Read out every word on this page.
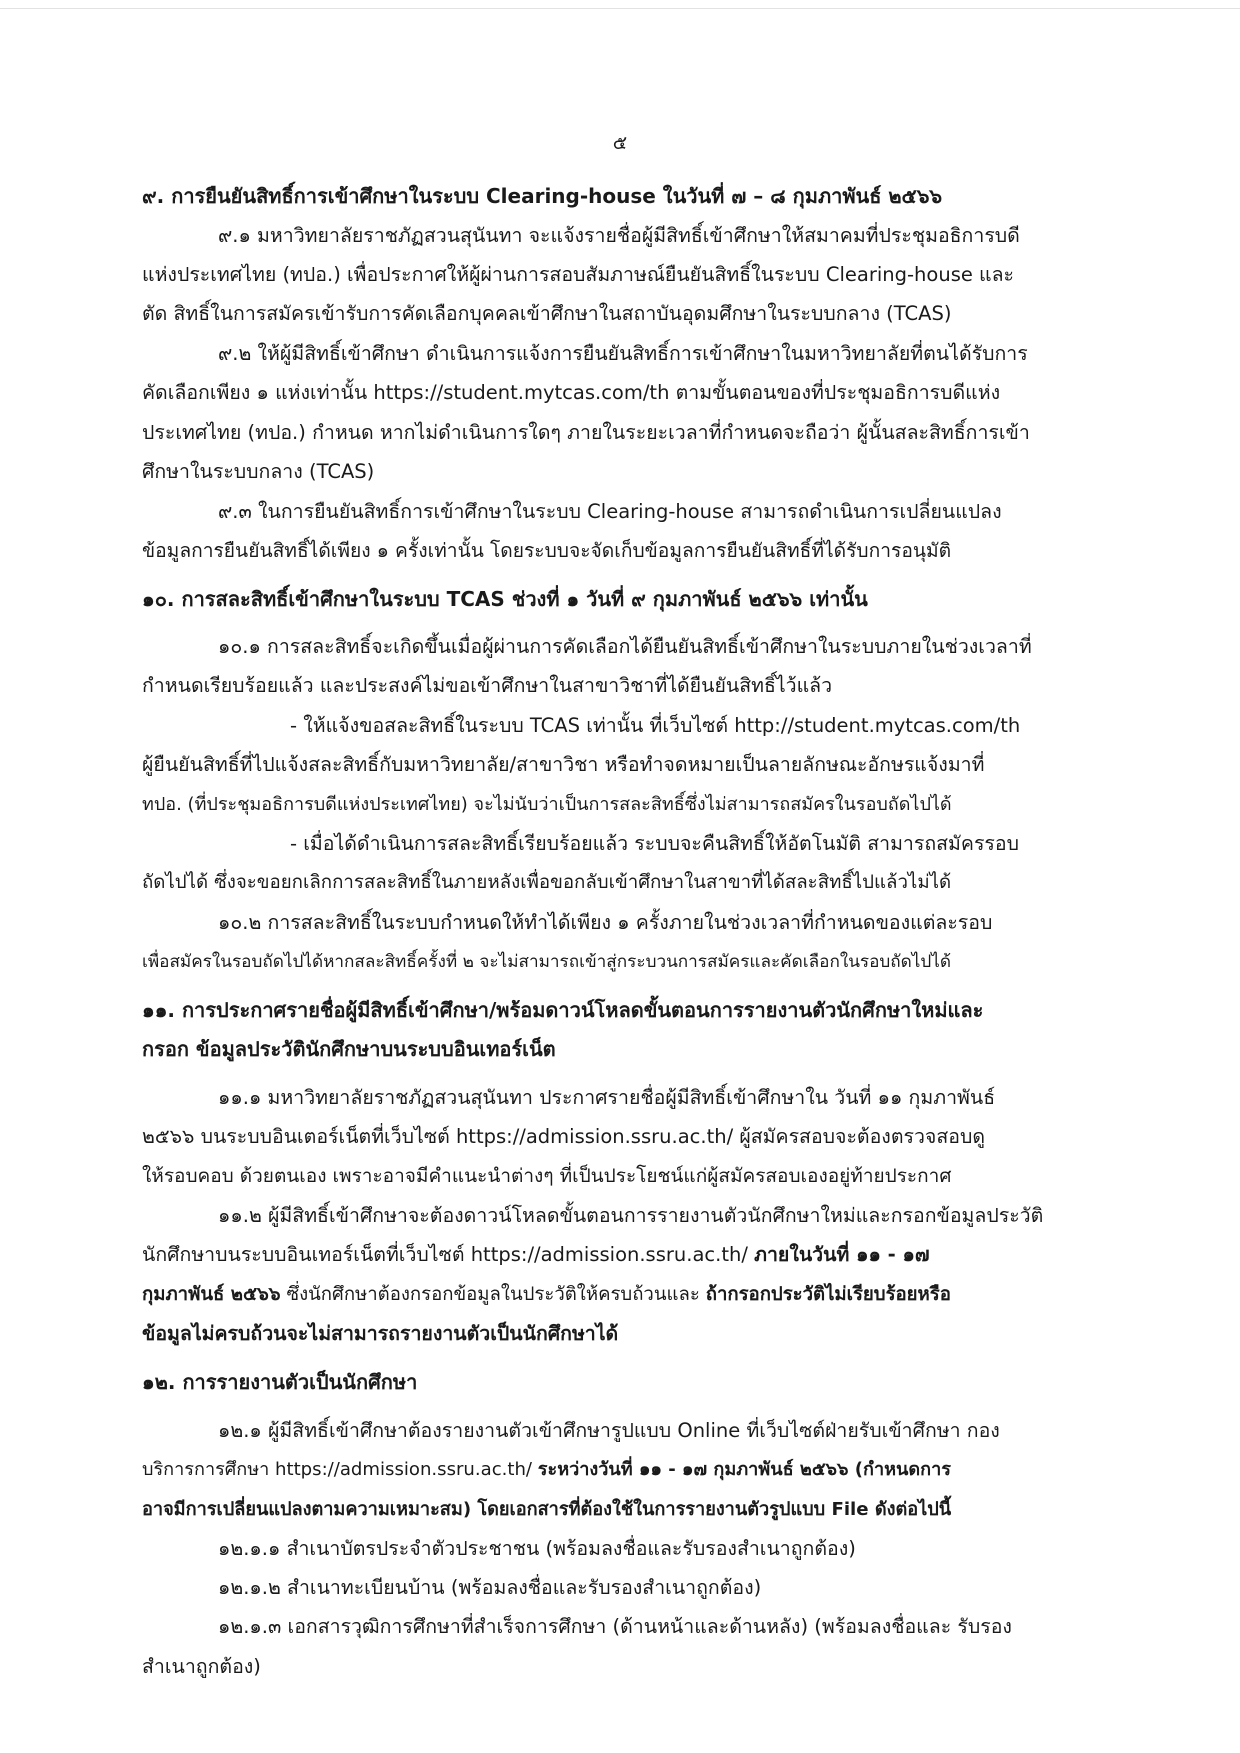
๕
๙. การยืนยันสิทธิ์การเข้าศึกษาในระบบ Clearing-house ในวันที่ ๗ – ๘ กุมภาพันธ์ ๒๕๖๖
๙.๑ มหาวิทยาลัยราชภัฏสวนสุนันทา จะแจ้งรายชื่อผู้มีสิทธิ์เข้าศึกษาให้สมาคมที่ประชุมอธิการบดี
แห่งประเทศไทย (ทปอ.) เพื่อประกาศให้ผู้ผ่านการสอบสัมภาษณ์ยืนยันสิทธิ์ในระบบ Clearing-house และ
ตัด สิทธิ์ในการสมัครเข้ารับการคัดเลือกบุคคลเข้าศึกษาในสถาบันอุดมศึกษาในระบบกลาง (TCAS)
๙.๒ ให้ผู้มีสิทธิ์เข้าศึกษา ดำเนินการแจ้งการยืนยันสิทธิ์การเข้าศึกษาในมหาวิทยาลัยที่ตนได้รับการ
คัดเลือกเพียง ๑ แห่งเท่านั้น https://student.mytcas.com/th ตามขั้นตอนของที่ประชุมอธิการบดีแห่ง
ประเทศไทย (ทปอ.) กำหนด หากไม่ดำเนินการใดๆ ภายในระยะเวลาที่กำหนดจะถือว่า ผู้นั้นสละสิทธิ์การเข้า
ศึกษาในระบบกลาง (TCAS)
๙.๓ ในการยืนยันสิทธิ์การเข้าศึกษาในระบบ Clearing-house สามารถดำเนินการเปลี่ยนแปลง
ข้อมูลการยืนยันสิทธิ์ได้เพียง ๑ ครั้งเท่านั้น โดยระบบจะจัดเก็บข้อมูลการยืนยันสิทธิ์ที่ได้รับการอนุมัติ
๑๐. การสละสิทธิ์เข้าศึกษาในระบบ TCAS ช่วงที่ ๑ วันที่ ๙ กุมภาพันธ์ ๒๕๖๖ เท่านั้น
๑๐.๑ การสละสิทธิ์จะเกิดขึ้นเมื่อผู้ผ่านการคัดเลือกได้ยืนยันสิทธิ์เข้าศึกษาในระบบภายในช่วงเวลาที่
กำหนดเรียบร้อยแล้ว และประสงค์ไม่ขอเข้าศึกษาในสาขาวิชาที่ได้ยืนยันสิทธิ์ไว้แล้ว
- ให้แจ้งขอสละสิทธิ์ในระบบ TCAS เท่านั้น ที่เว็บไซต์ http://student.mytcas.com/th
ผู้ยืนยันสิทธิ์ที่ไปแจ้งสละสิทธิ์กับมหาวิทยาลัย/สาขาวิชา หรือทำจดหมายเป็นลายลักษณะอักษรแจ้งมาที่
ทปอ. (ที่ประชุมอธิการบดีแห่งประเทศไทย) จะไม่นับว่าเป็นการสละสิทธิ์ซึ่งไม่สามารถสมัครในรอบถัดไปได้
- เมื่อได้ดำเนินการสละสิทธิ์เรียบร้อยแล้ว ระบบจะคืนสิทธิ์ให้อัตโนมัติ สามารถสมัครรอบ
ถัดไปได้ ซึ่งจะขอยกเลิกการสละสิทธิ์ในภายหลังเพื่อขอกลับเข้าศึกษาในสาขาที่ได้สละสิทธิ์ไปแล้วไม่ได้
๑๐.๒ การสละสิทธิ์ในระบบกำหนดให้ทำได้เพียง ๑ ครั้งภายในช่วงเวลาที่กำหนดของแต่ละรอบ
เพื่อสมัครในรอบถัดไปได้หากสละสิทธิ์ครั้งที่ ๒ จะไม่สามารถเข้าสู่กระบวนการสมัครและคัดเลือกในรอบถัดไปได้
๑๑. การประกาศรายชื่อผู้มีสิทธิ์เข้าศึกษา/พร้อมดาวน์โหลดขั้นตอนการรายงานตัวนักศึกษาใหม่และ
กรอก ข้อมูลประวัตินักศึกษาบนระบบอินเทอร์เน็ต
๑๑.๑ มหาวิทยาลัยราชภัฏสวนสุนันทา ประกาศรายชื่อผู้มีสิทธิ์เข้าศึกษาใน วันที่ ๑๑ กุมภาพันธ์
๒๕๖๖ บนระบบอินเตอร์เน็ตที่เว็บไซต์ https://admission.ssru.ac.th/ ผู้สมัครสอบจะต้องตรวจสอบดู
ให้รอบคอบ ด้วยตนเอง เพราะอาจมีคำแนะนำต่างๆ ที่เป็นประโยชน์แก่ผู้สมัครสอบเองอยู่ท้ายประกาศ
๑๑.๒ ผู้มีสิทธิ์เข้าศึกษาจะต้องดาวน์โหลดขั้นตอนการรายงานตัวนักศึกษาใหม่และกรอกข้อมูลประวัติ
นักศึกษาบนระบบอินเทอร์เน็ตที่เว็บไซต์ https://admission.ssru.ac.th/ ภายในวันที่ ๑๑ - ๑๗
กุมภาพันธ์ ๒๕๖๖ ซึ่งนักศึกษาต้องกรอกข้อมูลในประวัติให้ครบถ้วนและ ถ้ากรอกประวัติไม่เรียบร้อยหรือ
ข้อมูลไม่ครบถ้วนจะไม่สามารถรายงานตัวเป็นนักศึกษาได้
๑๒. การรายงานตัวเป็นนักศึกษา
๑๒.๑ ผู้มีสิทธิ์เข้าศึกษาต้องรายงานตัวเข้าศึกษารูปแบบ Online ที่เว็บไซต์ฝ่ายรับเข้าศึกษา กอง
บริการการศึกษา https://admission.ssru.ac.th/ ระหว่างวันที่ ๑๑ - ๑๗ กุมภาพันธ์ ๒๕๖๖ (กำหนดการ
อาจมีการเปลี่ยนแปลงตามความเหมาะสม) โดยเอกสารที่ต้องใช้ในการรายงานตัวรูปแบบ File ดังต่อไปนี้
๑๒.๑.๑ สำเนาบัตรประจำตัวประชาชน (พร้อมลงชื่อและรับรองสำเนาถูกต้อง)
๑๒.๑.๒ สำเนาทะเบียนบ้าน (พร้อมลงชื่อและรับรองสำเนาถูกต้อง)
๑๒.๑.๓ เอกสารวุฒิการศึกษาที่สำเร็จการศึกษา (ด้านหน้าและด้านหลัง) (พร้อมลงชื่อและ รับรอง
สำเนาถูกต้อง)
